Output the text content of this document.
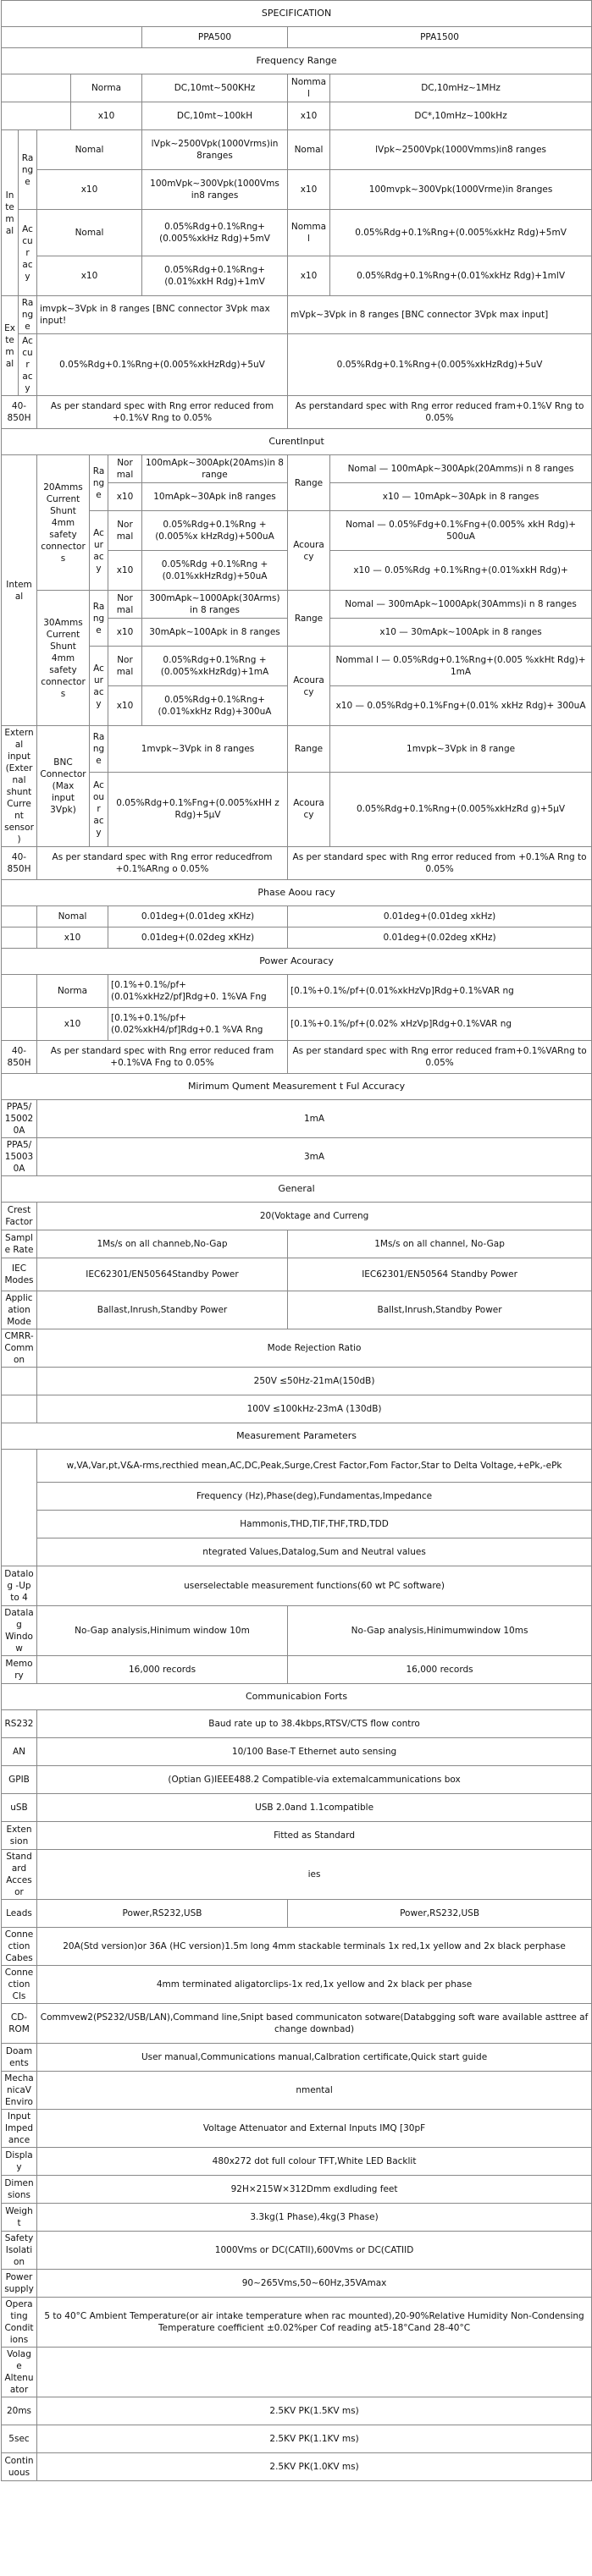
SPECIFICATION								
						PPA500	PPA1500	
Frequency Range								
			Norma			DC,10mt~500KHz	Nommal	DC,10mHz~1MHz
			x10			DC,10mt~100kH	x10	DC*,10mHz~100kHz
Inte mal	Range	Nomal				lVpk~2500Vpk(1000Vrms)in 8ranges	Nomal	lVpk~2500Vpk(1000Vmms)in8 ranges
		x10				100mVpk~300Vpk(1000Vms in8 ranges	x10	100mvpk~300Vpk(1000Vrme)in 8ranges
	Accur acy	Nomal				0.05%Rdg+0.1%Rng+(0.005%xkHz Rdg)+5mV	Nommal	0.05%Rdg+0.1%Rng+(0.005%xkHz Rdg)+5mV
		x10				0.05%Rdg+0.1%Rng+(0.01%xkH Rdg)+1mV	x10	0.05%Rdg+0.1%Rng+(0.01%xkHz Rdg)+1mlV
Exte mal	Range	imvpk~3Vpk in 8 ranges [BNC connector 3Vpk max input!					mVpk~3Vpk in 8 ranges [BNC connector 3Vpk max input]	
	Accur acy	0.05%Rdg+0.1%Rng+(0.005%xkHzRdg)+5uV					0.05%Rdg+0.1%Rng+(0.005%xkHzRdg)+5uV	
40-850H		As per standard spec with Rng error reduced from +0.1%V Rng to 0.05%					As perstandard spec with Rng error reduced fram+0.1%V Rng to 0.05%	
CurentInput								
Intemal		20Amms Current Shunt 4mm safety connectors		Rang e	Nor mal	100mApk~300Apk(20Ams)in 8 range	Range	Nomal — 100mApk~300Apk(20Amms)i n 8 ranges
					x10	10mApk~30Apk in8 ranges		x10 — 10mApk~30Apk in 8 ranges
				Acur acy	Nor mal	0.05%Rdg+0.1%Rng + (0.005%x kHzRdg)+500uA	Acoura cy	Nomal — 0.05%Fdg+0.1%Fng+(0.005% xkH Rdg)+ 500uA
					x10	0.05%Rdg +0.1%Rng + (0.01%xkHzRdg)+50uA		x10 — 0.05%Rdg +0.1%Rng+(0.01%xkH Rdg)+
		30Amms Current Shunt 4mm safety connectors		Rang e	Nor mal	300mApk~1000Apk(30Arms) in 8 ranges	Range	Nomal — 300mApk~1000Apk(30Amms)i n 8 ranges
					x10	30mApk~100Apk in 8 ranges		x10 — 30mApk~100Apk in 8 ranges
				Acur acy	Nor mal	0.05%Rdg+0.1%Rng + (0.005%xkHzRdg)+1mA	Acoura cy	Nommal l — 0.05%Rdg+0.1%Rng+(0.005 %xkHt Rdg)+ 1mA
					x10	0.05%Rdg+0.1%Rng+ (0.01%xkHz Rdg)+300uA		x10 — 0.05%Rdg+0.1%Fng+(0.01% xkHz Rdg)+ 300uA
External input (External shunt Current sensor)		BNC Connector(Max input 3Vpk)		Rang e	1mvpk~3Vpk in 8 ranges		Range	1mvpk~3Vpk in 8 range
				Acour acy	0.05%Rdg+0.1%Fng+(0.005%xHH z Rdg)+5µV		Acoura cy	0.05%Rdg+0.1%Rng+(0.005%xkHzRd g)+5µV
40-850H		As per standard spec with Rng error reducedfrom +0.1%ARng o 0.05%					As per standard spec with Rng error reduced from +0.1%A Rng to 0.05%	
Phase Aoou racy								
		Nomal			0.01deg+(0.01deg xKHz)		0.01deg+(0.01deg xkHz)	
		x10			0.01deg+(0.02deg xKHz)		0.01deg+(0.02deg xKHz)	
Power Acouracy								
		Norma			[0.1%+0.1%/pf+(0.01%xkHz2/pf]Rdg+0. 1%VA Fng		[0.1%+0.1%/pf+(0.01%xkHzVp]Rdg+0.1%VAR ng	
		x10			[0.1%+0.1%/pf+(0.02%xkH4/pf]Rdg+0.1 %VA Rng		[0.1%+0.1%/pf+(0.02% xHzVp]Rdg+0.1%VAR ng	
40-850H		As per standard spec with Rng error reduced fram +0.1%VA Fng to 0.05%					As per standard spec with Rng error reduced fram+0.1%VARng to 0.05%	
Mirimum Qument Measurement t Ful Accuracy								
PPA5/15002 0A		1mA						
PPA5/15003 0A		3mA						
General								
Crest Factor		20(Voktage and Curreng						
Sample Rate		1Ms/s on all channeb,No-Gap					1Ms/s on all channel, No-Gap	
IEC Modes		IEC62301/EN50564Standby Power					IEC62301/EN50564 Standby Power	
Application Mode		Ballast,Inrush,Standby Power					Ballst,Inrush,Standby Power	
CMRR-Common		Mode Rejection Ratio						
		250V ≤50Hz-21mA(150dB)						
		100V ≤100kHz-23mA (130dB)						
Measurement Parameters								
		w,VA,Var,pt,V&A-rms,recthied mean,AC,DC,Peak,Surge,Crest Factor,Fom Factor,Star to Delta Voltage,+ePk,-ePk						
		Frequency (Hz),Phase(deg),Fundamentas,Impedance						
		Hammonis,THD,TIF,THF,TRD,TDD						
		ntegrated Values,Datalog,Sum and Neutral values						
Datalog -Up to 4		userselectable measurement functions(60 wt PC software)						
Datalag Window		No-Gap analysis,Hinimum window 10m					No-Gap analysis,Hinimumwindow 10ms	
Memory		16,000 records					16,000 records	
Communicabion Forts								
RS232		Baud rate up to 38.4kbps,RTSV/CTS flow contro						
AN		10/100 Base-T Ethernet auto sensing						
GPIB		(Optian G)IEEE488.2 Compatible-via extemalcammunications box						
uSB		USB 2.0and 1.1compatible						
Extension		Fitted as Standard						
Standard Accesor		ies						
Leads		Power,RS232,USB					Power,RS232,USB	
Connection Cabes		20A(Std version)or 36A (HC version)1.5m long 4mm stackable terminals 1x red,1x yellow and 2x black perphase						
Connection Cls		4mm terminated aligatorclips-1x red,1x yellow and 2x black per phase						
CD-ROM		Commvew2(PS232/USB/LAN),Command line,Snipt based communicaton sotware(Databgging soft ware available asttree af change downbad)						
Doaments		User manual,Communications manual,Calbration certificate,Quick start guide						
MechanicaV Enviro		nmental						
Input Impedance		Voltage Attenuator and External Inputs IMQ [30pF						
Display		480x272 dot full colour TFT,White LED Backlit						
Dimensions		92H×215W×312Dmm exdluding feet						
Weight		3.3kg(1 Phase),4kg(3 Phase)						
Safety Isolation		1000Vms or DC(CATII),600Vms or DC(CATIID						
Power supply		90~265Vms,50~60Hz,35VAmax						
Operating Conditions		5 to 40°C Ambient Temperature(or air intake temperature when rac mounted),20-90%Relative Humidity Non-Condensing Temperature coefficient ±0.02%per Cof reading at5-18°Cand 28-40°C						
Volage Altenuator								
20ms		2.5KV PK(1.5KV ms)						
5sec		2.5KV PK(1.1KV ms)						
Continuous		2.5KV PK(1.0KV ms)						
